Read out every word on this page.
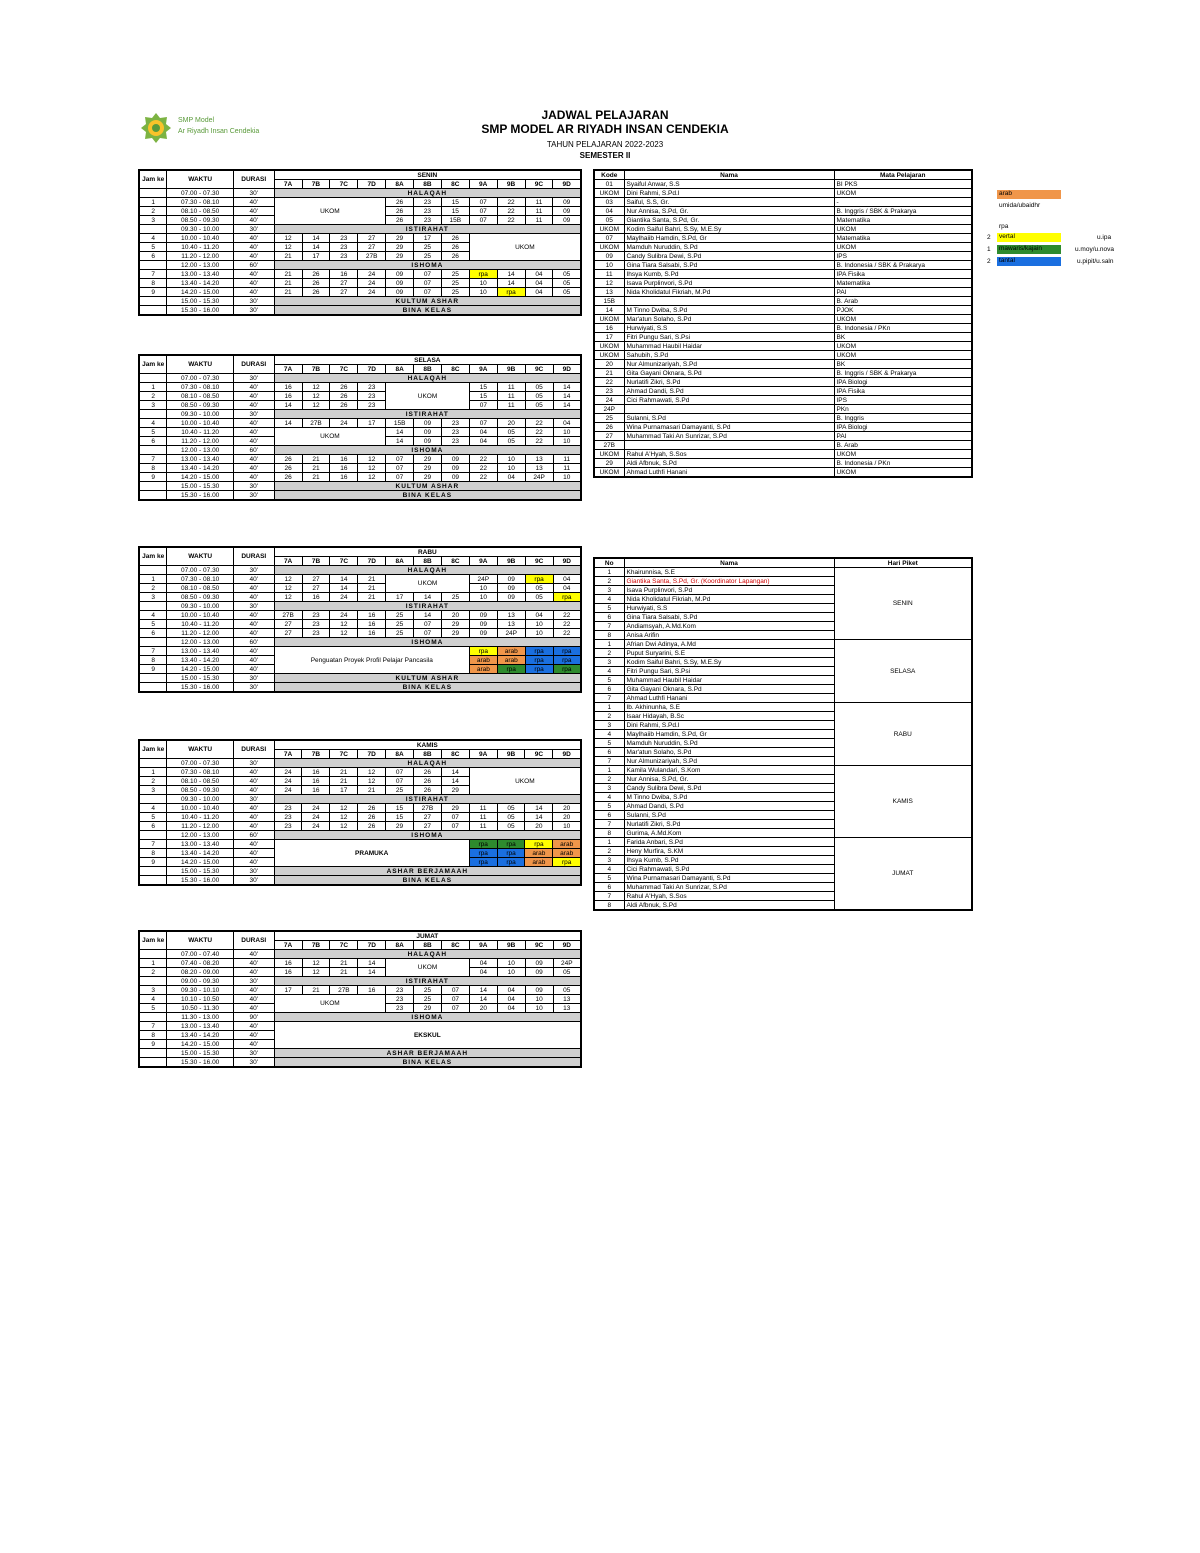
SMP Model
Ar Riyadh Insan Cendekia
JADWAL PELAJARAN
SMP MODEL AR RIYADH INSAN CENDEKIA
TAHUN PELAJARAN 2022-2023
SEMESTER II
Jam ke	WAKTU	DURASI	SENIN										
			7A	7B	7C	7D	8A	8B	8C	9A	9B	9C	9D
	07.00 - 07.30	30'	HALAQAH										
1	07.30 - 08.10	40'	UKOM				26	23	15	07	22	11	09
2	08.10 - 08.50	40'					26	23	15	07	22	11	09
3	08.50 - 09.30	40'					26	23	15B	07	22	11	09
	09.30 - 10.00	30'	ISTIRAHAT										
4	10.00 - 10.40	40'	12	14	23	27	29	17	26	UKOM			
5	10.40 - 11.20	40'	12	14	23	27	29	25	26				
6	11.20 - 12.00	40'	21	17	23	27B	29	25	26				
	12.00 - 13.00	60'	ISHOMA										
7	13.00 - 13.40	40'	21	26	16	24	09	07	25	rpa	14	04	05
8	13.40 - 14.20	40'	21	26	27	24	09	07	25	10	14	04	05
9	14.20 - 15.00	40'	21	26	27	24	09	07	25	10	rpa	04	05
	15.00 - 15.30	30'	KULTUM ASHAR										
	15.30 - 16.00	30'	BINA KELAS										
Jam ke	WAKTU	DURASI	SELASA										
			7A	7B	7C	7D	8A	8B	8C	9A	9B	9C	9D
	07.00 - 07.30	30'	HALAQAH										
1	07.30 - 08.10	40'	16	12	26	23	UKOM			15	11	05	14
2	08.10 - 08.50	40'	16	12	26	23				15	11	05	14
3	08.50 - 09.30	40'	14	12	26	23				07	11	05	14
	09.30 - 10.00	30'	ISTIRAHAT										
4	10.00 - 10.40	40'	14	27B	24	17	15B	09	23	07	20	22	04
5	10.40 - 11.20	40'	UKOM				14	09	23	04	05	22	10
6	11.20 - 12.00	40'					14	09	23	04	05	22	10
	12.00 - 13.00	60'	ISHOMA										
7	13.00 - 13.40	40'	26	21	16	12	07	29	09	22	10	13	11
8	13.40 - 14.20	40'	26	21	16	12	07	29	09	22	10	13	11
9	14.20 - 15.00	40'	26	21	16	12	07	29	09	22	04	24P	10
	15.00 - 15.30	30'	KULTUM ASHAR										
	15.30 - 16.00	30'	BINA KELAS										
Jam ke	WAKTU	DURASI	RABU										
			7A	7B	7C	7D	8A	8B	8C	9A	9B	9C	9D
	07.00 - 07.30	30'	HALAQAH										
1	07.30 - 08.10	40'	12	27	14	21	UKOM			24P	09	rpa	04
2	08.10 - 08.50	40'	12	27	14	21				10	09	05	04
3	08.50 - 09.30	40'	12	16	24	21	17	14	25	10	09	05	rpa
	09.30 - 10.00	30'	ISTIRAHAT										
4	10.00 - 10.40	40'	27B	23	24	16	25	14	20	09	13	04	22
5	10.40 - 11.20	40'	27	23	12	16	25	07	29	09	13	10	22
6	11.20 - 12.00	40'	27	23	12	16	25	07	29	09	24P	10	22
	12.00 - 13.00	60'	ISHOMA										
7	13.00 - 13.40	40'	Penguatan Proyek Profil Pelajar Pancasila							rpa	arab	rpa	rpa
8	13.40 - 14.20	40'								arab	arab	rpa	rpa
9	14.20 - 15.00	40'								arab	rpa	rpa	rpa
	15.00 - 15.30	30'	KULTUM ASHAR										
	15.30 - 16.00	30'	BINA KELAS										
Jam ke	WAKTU	DURASI	KAMIS										
			7A	7B	7C	7D	8A	8B	8C	9A	9B	9C	9D
	07.00 - 07.30	30'	HALAQAH										
1	07.30 - 08.10	40'	24	16	21	12	07	26	14	UKOM			
2	08.10 - 08.50	40'	24	16	21	12	07	26	14				
3	08.50 - 09.30	40'	24	16	17	21	25	26	29				
	09.30 - 10.00	30'	ISTIRAHAT										
4	10.00 - 10.40	40'	23	24	12	26	15	27B	29	11	05	14	20
5	10.40 - 11.20	40'	23	24	12	26	15	27	07	11	05	14	20
6	11.20 - 12.00	40'	23	24	12	26	29	27	07	11	05	20	10
	12.00 - 13.00	60'	ISHOMA										
7	13.00 - 13.40	40'	PRAMUKA							rpa	rpa	rpa	arab
8	13.40 - 14.20	40'								rpa	rpa	arab	arab
9	14.20 - 15.00	40'								rpa	rpa	arab	rpa
	15.00 - 15.30	30'	ASHAR BERJAMAAH										
	15.30 - 16.00	30'	BINA KELAS										
Jam ke	WAKTU	DURASI	JUMAT										
			7A	7B	7C	7D	8A	8B	8C	9A	9B	9C	9D
	07.00 - 07.40	40'	HALAQAH										
1	07.40 - 08.20	40'	16	12	21	14	UKOM			04	10	09	24P
2	08.20 - 09.00	40'	16	12	21	14				04	10	09	05
	09.00 - 09.30	30'	ISTIRAHAT										
3	09.30 - 10.10	40'	17	21	27B	16	23	25	07	14	04	09	05
4	10.10 - 10.50	40'	UKOM				23	25	07	14	04	10	13
5	10.50 - 11.30	40'					23	29	07	20	04	10	13
	11.30 - 13.00	90'	ISHOMA										
7	13.00 - 13.40	40'	EKSKUL										
8	13.40 - 14.20	40'											
9	14.20 - 15.00	40'											
	15.00 - 15.30	30'	ASHAR BERJAMAAH										
	15.30 - 16.00	30'	BINA KELAS										
Kode	Nama	Mata Pelajaran
01	Syaiful Anwar, S.S	BI PKS
UKOM	Dini Rahmi, S.Pd.I	UKOM
03	Saiful, S.S, Gr.	-
04	Nur Annisa, S.Pd, Gr.	B. Inggris / SBK & Prakarya
05	Giantika Santa, S.Pd, Gr.	Matematika
UKOM	Kodim Saiful Bahri, S.Sy, M.E.Sy	UKOM
07	Maylhaiib Hamdin, S.Pd, Gr	Matematika
UKOM	Mamduh Nuruddin, S.Pd	UKOM
09	Candy Sulibra Dewi, S.Pd	IPS
10	Gina Tiara Salsabi, S.Pd	B. Indonesia / SBK & Prakarya
11	Ihsya Kumb, S.Pd	IPA Fisika
12	Isava Purplinvori, S.Pd	Matematika
13	Nida Kholidatul Fikriah, M.Pd	PAI
15B		B. Arab
14	M Tinno Dwiba, S.Pd	PJOK
UKOM	Mar'atun Solaho, S.Pd	UKOM
16	Hurwiyati, S.S	B. Indonesia / PKn
17	Fitri Pungu Sari, S.Psi	BK
UKOM	Muhammad Haubil Haidar	UKOM
UKOM	Sahubih, S.Pd	UKOM
20	Nur Almunizariyah, S.Pd	BK
21	Gita Gayani Oknara, S.Pd	B. Inggris / SBK & Prakarya
22	Nurlatifi Zikri, S.Pd	IPA Biologi
23	Ahmad Dandi, S.Pd	IPA Fisika
24	Cici Rahmawati, S.Pd	IPS
24P		PKn
25	Sulanni, S.Pd	B. Inggris
26	Wina Purnamasari Damayanti, S.Pd	IPA Biologi
27	Muhammad Taki An Sunrizar, S.Pd	PAI
27B		B. Arab
UKOM	Rahul A'Hyah, S.Sos	UKOM
29	Aldi Afbnuk, S.Pd	B. Indonesia / PKn
UKOM	Ahmad Luthfi Hanani	UKOM
No	Nama	Hari Piket
1	Khairunnisa, S.E	SENIN
2	Giantika Santa, S.Pd, Gr. (Koordinator Lapangan)	
3	Isava Purplinvori, S.Pd	
4	Nida Kholidatul Fikriah, M.Pd	
5	Hurwiyati, S.S	
6	Gina Tiara Salsabi, S.Pd	
7	Andiamsyah, A.Md.Kom	
8	Anisa Arifin	
1	Afrian Dwi Adinya, A.Md	SELASA
2	Puput Suryarini, S.E	
3	Kodim Saiful Bahri, S.Sy, M.E.Sy	
4	Fitri Pungu Sari, S.Psi	
5	Muhammad Haubil Haidar	
6	Gita Gayani Oknara, S.Pd	
7	Ahmad Luthfi Hanani	
1	Ib. Akhinunha, S.E	RABU
2	Isaar Hidayah, B.Sc	
3	Dini Rahmi, S.Pd.I	
4	Maylhaiib Hamdin, S.Pd, Gr	
5	Mamduh Nuruddin, S.Pd	
6	Mar'atun Solaho, S.Pd	
7	Nur Almunizariyah, S.Pd	
1	Kamila Wulandari, S.Kom	KAMIS
2	Nur Annisa, S.Pd, Gr.	
3	Candy Sulibra Dewi, S.Pd	
4	M Tinno Dwiba, S.Pd	
5	Ahmad Dandi, S.Pd	
6	Sulanni, S.Pd	
7	Nurlatifi Zikri, S.Pd	
8	Gurima, A.Md.Kom	
1	Farida Anbari, S.Pd	JUMAT
2	Heny Murfira, S.KM	
3	Ihsya Kumb, S.Pd	
4	Cici Rahmawati, S.Pd	
5	Wina Purnamasari Damayanti, S.Pd	
6	Muhammad Taki An Sunrizar, S.Pd	
7	Rahul A'Hyah, S.Sos	
8	Aldi Afbnuk, S.Pd	
arab
umida/ubaidhr
rpa
2	vertal	u.ipa
1	mawaris/kajain	u.moy/u.nova
2	tantal	u.pipit/u.saln
